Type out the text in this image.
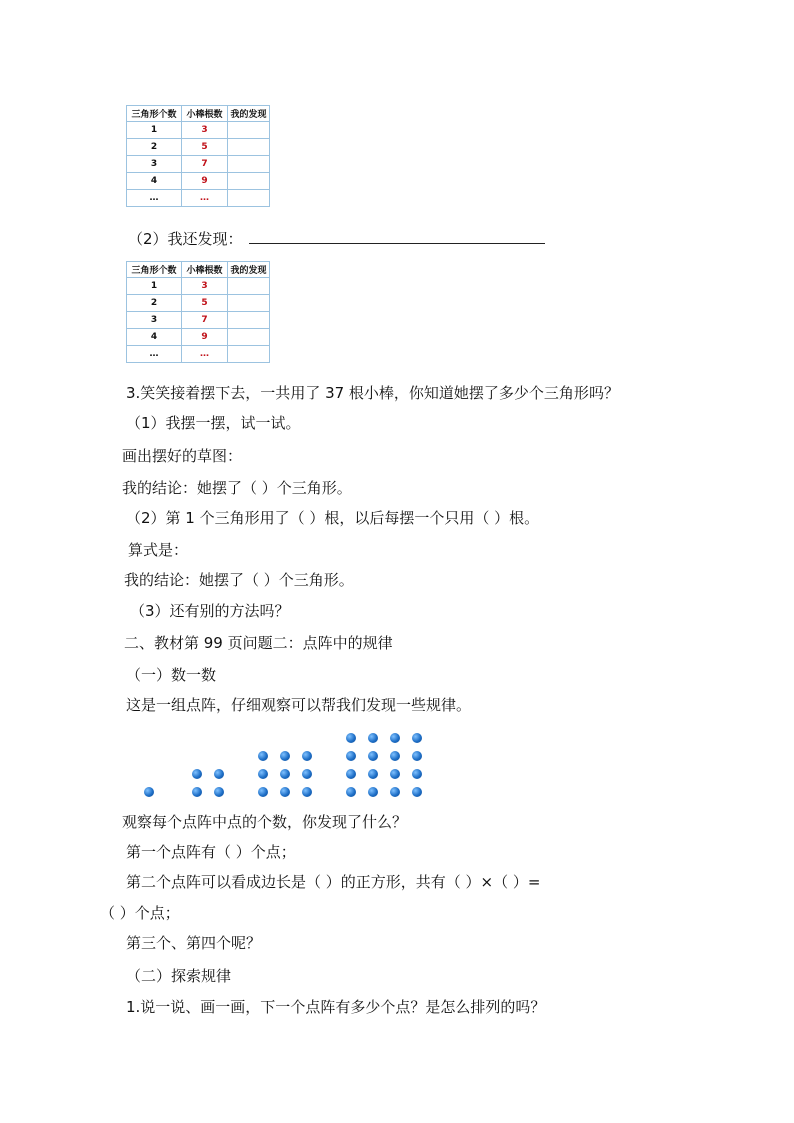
三角形个数	小棒根数	我的发现
1	3	
2	5	
3	7	
4	9	
…	…	
（2）我还发现：
三角形个数	小棒根数	我的发现
1	3	
2	5	
3	7	
4	9	
…	…	
3.笑笑接着摆下去，一共用了 37 根小棒，你知道她摆了多少个三角形吗？
（1）我摆一摆，试一试。
画出摆好的草图：
我的结论：她摆了（ ）个三角形。
（2）第 1 个三角形用了（ ）根，以后每摆一个只用（ ）根。
算式是：
我的结论：她摆了（ ）个三角形。
（3）还有别的方法吗？
二、教材第 99 页问题二：点阵中的规律
（一）数一数
这是一组点阵，仔细观察可以帮我们发现一些规律。
观察每个点阵中点的个数，你发现了什么？
第一个点阵有（ ）个点；
第二个点阵可以看成边长是（ ）的正方形，共有（ ）×（ ）=
（ ）个点；
第三个、第四个呢？
（二）探索规律
1.说一说、画一画，下一个点阵有多少个点？是怎么排列的吗？
